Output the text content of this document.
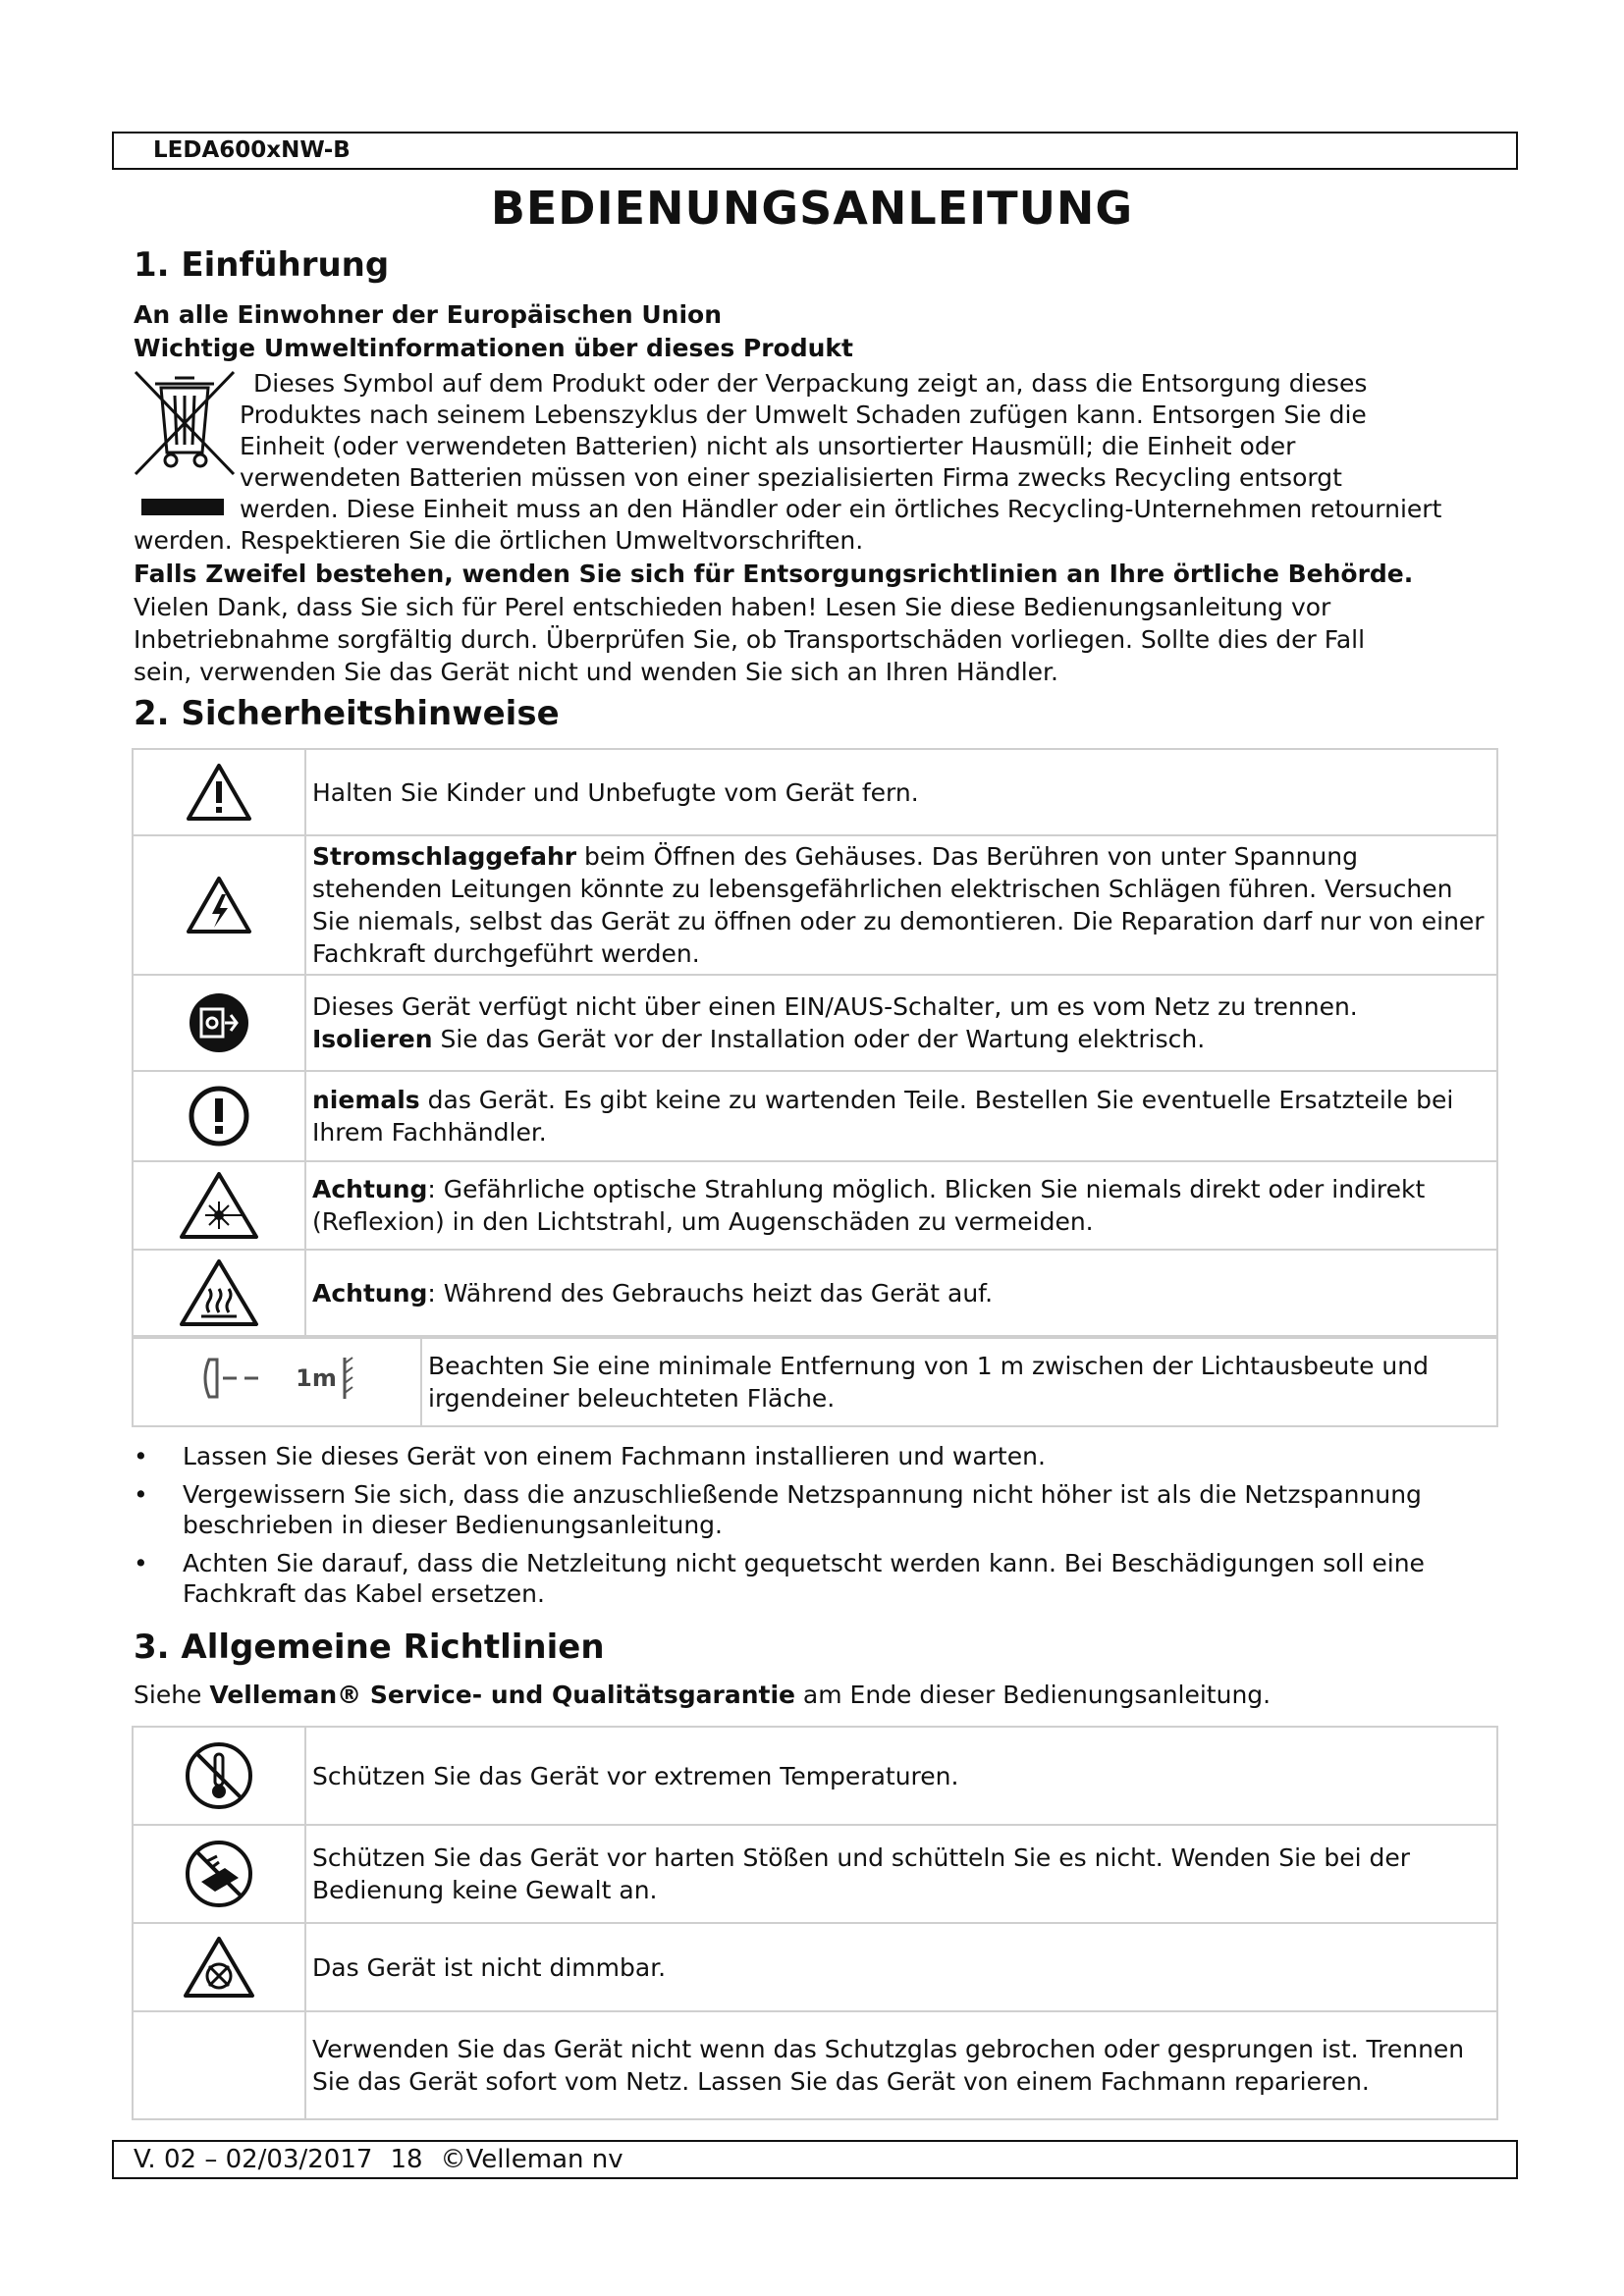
LEDA600xNW-B
BEDIENUNGSANLEITUNG
1. Einführung
An alle Einwohner der Europäischen Union
Wichtige Umweltinformationen über dieses Produkt
Dieses Symbol auf dem Produkt oder der Verpackung zeigt an, dass die Entsorgung dieses
Produktes nach seinem Lebenszyklus der Umwelt Schaden zufügen kann. Entsorgen Sie die
Einheit (oder verwendeten Batterien) nicht als unsortierter Hausmüll; die Einheit oder
verwendeten Batterien müssen von einer spezialisierten Firma zwecks Recycling entsorgt
werden. Diese Einheit muss an den Händler oder ein örtliches Recycling-Unternehmen retourniert
werden. Respektieren Sie die örtlichen Umweltvorschriften.
Falls Zweifel bestehen, wenden Sie sich für Entsorgungsrichtlinien an Ihre örtliche Behörde.
Vielen Dank, dass Sie sich für Perel entschieden haben! Lesen Sie diese Bedienungsanleitung vor
Inbetriebnahme sorgfältig durch. Überprüfen Sie, ob Transportschäden vorliegen. Sollte dies der Fall
sein, verwenden Sie das Gerät nicht und wenden Sie sich an Ihren Händler.
2. Sicherheitshinweise
	Halten Sie Kinder und Unbefugte vom Gerät fern.

	Stromschlaggefahr beim Öffnen des Gehäuses. Das Berühren von unter Spannung stehenden Leitungen könnte zu lebensgefährlichen elektrischen Schlägen führen. Versuchen Sie niemals, selbst das Gerät zu öffnen oder zu demontieren. Die Reparation darf nur von einer Fachkraft durchgeführt werden.

	Dieses Gerät verfügt nicht über einen EIN/AUS-Schalter, um es vom Netz zu trennen.
Isolieren Sie das Gerät vor der Installation oder der Wartung elektrisch.

	niemals das Gerät. Es gibt keine zu wartenden Teile. Bestellen Sie eventuelle Ersatzteile bei Ihrem Fachhändler.

	Achtung: Gefährliche optische Strahlung möglich. Blicken Sie niemals direkt oder indirekt (Reflexion) in den Lichtstrahl, um Augenschäden zu vermeiden.

	Achtung: Während des Gebrauchs heizt das Gerät auf.
1m	Beachten Sie eine minimale Entfernung von 1 m zwischen der Lichtausbeute und irgendeiner beleuchteten Fläche.
• Lassen Sie dieses Gerät von einem Fachmann installieren und warten.
• Vergewissern Sie sich, dass die anzuschließende Netzspannung nicht höher ist als die Netzspannung beschrieben in dieser Bedienungsanleitung.
• Achten Sie darauf, dass die Netzleitung nicht gequetscht werden kann. Bei Beschädigungen soll eine Fachkraft das Kabel ersetzen.
3. Allgemeine Richtlinien
Siehe Velleman® Service- und Qualitätsgarantie am Ende dieser Bedienungsanleitung.
	Schützen Sie das Gerät vor extremen Temperaturen.

	Schützen Sie das Gerät vor harten Stößen und schütteln Sie es nicht. Wenden Sie bei der Bedienung keine Gewalt an.

	Das Gerät ist nicht dimmbar.
	Verwenden Sie das Gerät nicht wenn das Schutzglas gebrochen oder gesprungen ist. Trennen Sie das Gerät sofort vom Netz. Lassen Sie das Gerät von einem Fachmann reparieren.
V. 02 – 02/03/2017 18 ©Velleman nv
